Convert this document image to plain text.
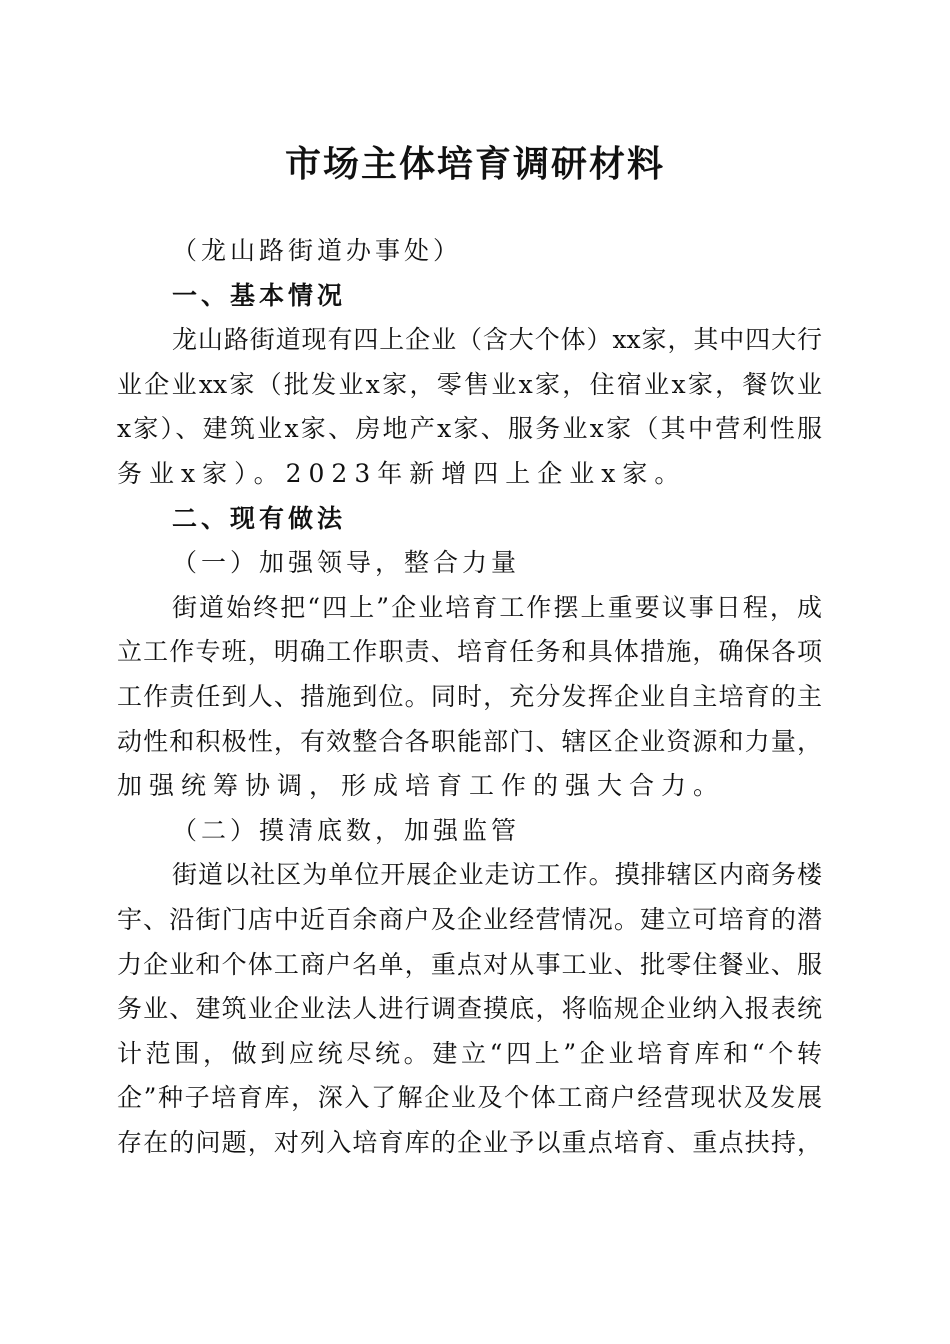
市场主体培育调研材料
（龙山路街道办事处）
一、基本情况
龙山路街道现有四上企业（含大个体）xx家，其中四大行
业企业xx家（批发业x家，零售业x家，住宿业x家，餐饮业
x家）、建筑业x家、房地产x家、服务业x家（其中营利性服
务业x家）。2023年新增四上企业x家。
二、现有做法
（一）加强领导，整合力量
街道始终把“四上”企业培育工作摆上重要议事日程，成
立工作专班，明确工作职责、培育任务和具体措施，确保各项
工作责任到人、措施到位。同时，充分发挥企业自主培育的主
动性和积极性，有效整合各职能部门、辖区企业资源和力量，
加强统筹协调，形成培育工作的强大合力。
（二）摸清底数，加强监管
街道以社区为单位开展企业走访工作。摸排辖区内商务楼
宇、沿街门店中近百余商户及企业经营情况。建立可培育的潜
力企业和个体工商户名单，重点对从事工业、批零住餐业、服
务业、建筑业企业法人进行调查摸底，将临规企业纳入报表统
计范围，做到应统尽统。建立“四上”企业培育库和“个转
企”种子培育库，深入了解企业及个体工商户经营现状及发展
存在的问题，对列入培育库的企业予以重点培育、重点扶持，
